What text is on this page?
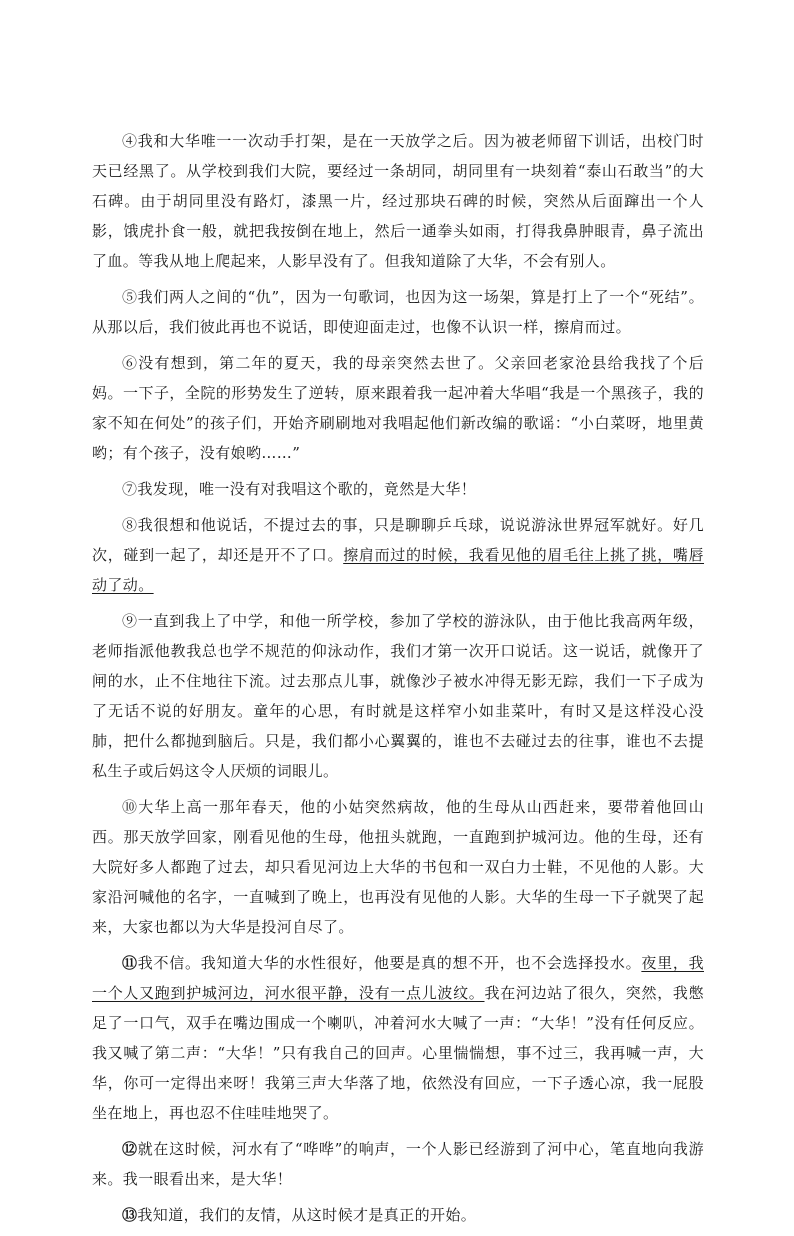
④我和大华唯一一次动手打架，是在一天放学之后。因为被老师留下训话，出校门时天已经黑了。从学校到我们大院，要经过一条胡同，胡同里有一块刻着“泰山石敢当”的大石碑。由于胡同里没有路灯，漆黑一片，经过那块石碑的时候，突然从后面蹿出一个人影，饿虎扑食一般，就把我按倒在地上，然后一通拳头如雨，打得我鼻肿眼青，鼻子流出了血。等我从地上爬起来，人影早没有了。但我知道除了大华，不会有别人。

⑤我们两人之间的“仇”，因为一句歌词，也因为这一场架，算是打上了一个“死结”。从那以后，我们彼此再也不说话，即使迎面走过，也像不认识一样，擦肩而过。

⑥没有想到，第二年的夏天，我的母亲突然去世了。父亲回老家沧县给我找了个后妈。一下子，全院的形势发生了逆转，原来跟着我一起冲着大华唱“我是一个黑孩子，我的家不知在何处”的孩子们，开始齐刷刷地对我唱起他们新改编的歌谣：“小白菜呀，地里黄哟；有个孩子，没有娘哟……”

⑦我发现，唯一没有对我唱这个歌的，竟然是大华！

⑧我很想和他说话，不提过去的事，只是聊聊乒乓球，说说游泳世界冠军就好。好几次，碰到一起了，却还是开不了口。擦肩而过的时候，我看见他的眉毛往上挑了挑，嘴唇动了动。

⑨一直到我上了中学，和他一所学校，参加了学校的游泳队，由于他比我高两年级，老师指派他教我总也学不规范的仰泳动作，我们才第一次开口说话。这一说话，就像开了闸的水，止不住地往下流。过去那点儿事，就像沙子被水冲得无影无踪，我们一下子成为了无话不说的好朋友。童年的心思，有时就是这样窄小如韭菜叶，有时又是这样没心没肺，把什么都抛到脑后。只是，我们都小心翼翼的，谁也不去碰过去的往事，谁也不去提私生子或后妈这令人厌烦的词眼儿。

⑩大华上高一那年春天，他的小姑突然病故，他的生母从山西赶来，要带着他回山西。那天放学回家，刚看见他的生母，他扭头就跑，一直跑到护城河边。他的生母，还有大院好多人都跑了过去，却只看见河边上大华的书包和一双白力士鞋，不见他的人影。大家沿河喊他的名字，一直喊到了晚上，也再没有见他的人影。大华的生母一下子就哭了起来，大家也都以为大华是投河自尽了。

⑪我不信。我知道大华的水性很好，他要是真的想不开，也不会选择投水。夜里，我一个人又跑到护城河边，河水很平静，没有一点儿波纹。我在河边站了很久，突然，我憋足了一口气，双手在嘴边围成一个喇叭，冲着河水大喊了一声：“大华！”没有任何反应。我又喊了第二声：“大华！”只有我自己的回声。心里惴惴想，事不过三，我再喊一声，大华，你可一定得出来呀！我第三声大华落了地，依然没有回应，一下子透心凉，我一屁股坐在地上，再也忍不住哇哇地哭了。

⑫就在这时候，河水有了“哗哗”的响声，一个人影已经游到了河中心，笔直地向我游来。我一眼看出来，是大华！

⑬我知道，我们的友情，从这时候才是真正的开始。
